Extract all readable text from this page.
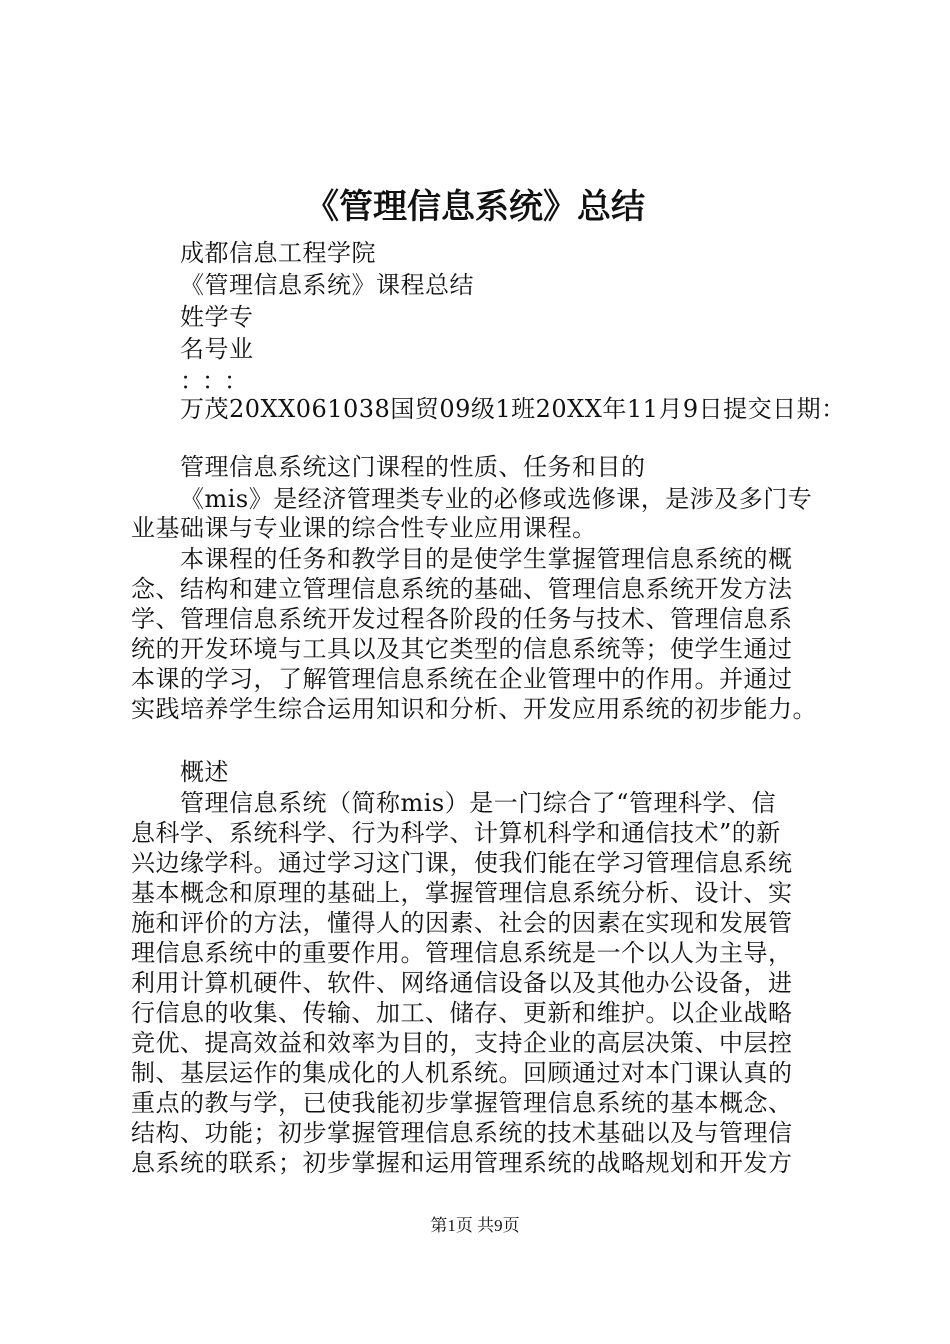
《管理信息系统》总结
成都信息工程学院
《管理信息系统》课程总结
姓学专
名号业
：：：
万茂20XX061038国贸09级1班20XX年11月9日提交日期：
管理信息系统这门课程的性质、任务和目的
《mis》是经济管理类专业的必修或选修课，是涉及多门专
业基础课与专业课的综合性专业应用课程。
本课程的任务和教学目的是使学生掌握管理信息系统的概
念、结构和建立管理信息系统的基础、管理信息系统开发方法
学、管理信息系统开发过程各阶段的任务与技术、管理信息系
统的开发环境与工具以及其它类型的信息系统等；使学生通过
本课的学习，了解管理信息系统在企业管理中的作用。并通过
实践培养学生综合运用知识和分析、开发应用系统的初步能力。
概述
管理信息系统（简称mis）是一门综合了“管理科学、信
息科学、系统科学、行为科学、计算机科学和通信技术”的新
兴边缘学科。通过学习这门课，使我们能在学习管理信息系统
基本概念和原理的基础上，掌握管理信息系统分析、设计、实
施和评价的方法，懂得人的因素、社会的因素在实现和发展管
理信息系统中的重要作用。管理信息系统是一个以人为主导，
利用计算机硬件、软件、网络通信设备以及其他办公设备，进
行信息的收集、传输、加工、储存、更新和维护。以企业战略
竞优、提高效益和效率为目的，支持企业的高层决策、中层控
制、基层运作的集成化的人机系统。回顾通过对本门课认真的
重点的教与学，已使我能初步掌握管理信息系统的基本概念、
结构、功能；初步掌握管理信息系统的技术基础以及与管理信
息系统的联系；初步掌握和运用管理系统的战略规划和开发方
第1页 共9页
